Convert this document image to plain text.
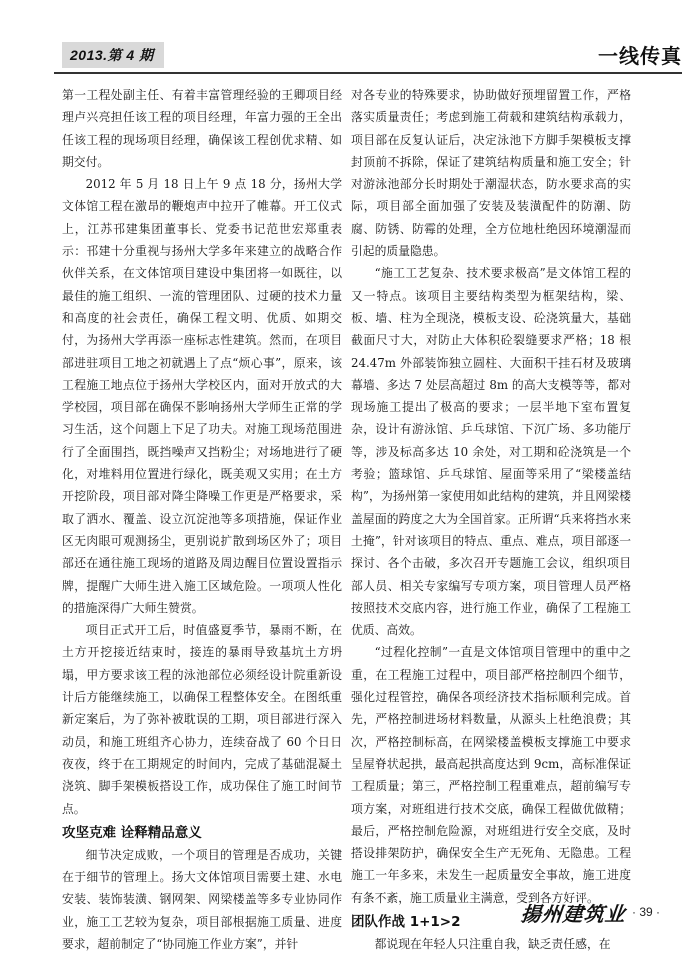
2013.第 4 期	一线传真

第一工程处副主任、有着丰富管理经验的王卿项目经理卢兴亮担任该工程的项目经理，年富力强的王全出任该工程的现场项目经理，确保该工程创优求精、如期交付。

2012 年 5 月 18 日上午 9 点 18 分，扬州大学文体馆工程在激昂的鞭炮声中拉开了帷幕。开工仪式上，江苏邗建集团董事长、党委书记范世宏郑重表示：邗建十分重视与扬州大学多年来建立的战略合作伙伴关系，在文体馆项目建设中集团将一如既往，以最佳的施工组织、一流的管理团队、过硬的技术力量和高度的社会责任，确保工程文明、优质、如期交付，为扬州大学再添一座标志性建筑。然而，在项目部进驻项目工地之初就遇上了点“烦心事”，原来，该工程施工地点位于扬州大学校区内，面对开放式的大学校园，项目部在确保不影响扬州大学师生正常的学习生活，这个问题上下足了功夫。对施工现场范围进行了全面围挡，既挡噪声又挡粉尘；对场地进行了硬化，对堆料用位置进行绿化，既美观又实用；在土方开挖阶段，项目部对降尘降噪工作更是严格要求，采取了洒水、覆盖、设立沉淀池等多项措施，保证作业区无肉眼可观测扬尘，更别说扩散到场区外了；项目部还在通往施工现场的道路及周边醒目位置设置指示牌，提醒广大师生进入施工区域危险。一项项人性化的措施深得广大师生赞赏。

项目正式开工后，时值盛夏季节，暴雨不断，在土方开挖接近结束时，接连的暴雨导致基坑土方坍塌，甲方要求该工程的泳池部位必须经设计院重新设计后方能继续施工，以确保工程整体安全。在图纸重新定案后，为了弥补被耽误的工期，项目部进行深入动员，和施工班组齐心协力，连续奋战了 60 个日日夜夜，终于在工期规定的时间内，完成了基础混凝土浇筑、脚手架模板搭设工作，成功保住了施工时间节点。

攻坚克难 诠释精品意义

细节决定成败，一个项目的管理是否成功，关键在于细节的管理上。扬大文体馆项目需要土建、水电安装、装饰装潢、钢网架、网梁楼盖等多专业协同作业，施工工艺较为复杂，项目部根据施工质量、进度要求，超前制定了“协同施工作业方案”，并针

对各专业的特殊要求，协助做好预埋留置工作，严格落实质量责任；考虑到施工荷载和建筑结构承载力，项目部在反复认证后，决定泳池下方脚手架模板支撑封顶前不拆除，保证了建筑结构质量和施工安全；针对游泳池部分长时期处于潮湿状态，防水要求高的实际，项目部全面加强了安装及装潢配件的防潮、防腐、防锈、防霉的处理，全方位地杜绝因环境潮湿而引起的质量隐患。

“施工工艺复杂、技术要求极高”是文体馆工程的又一特点。该项目主要结构类型为框架结构，梁、板、墙、柱为全现浇，模板支设、砼浇筑量大，基础截面尺寸大，对防止大体积砼裂缝要求严格；18 根 24.47m 外部装饰独立圆柱、大面积干挂石材及玻璃幕墙、多达 7 处层高超过 8m 的高大支模等等，都对现场施工提出了极高的要求；一层半地下室布置复杂，设计有游泳馆、乒乓球馆、下沉广场、多功能厅等，涉及标高多达 10 余处，对工期和砼浇筑是一个考验；篮球馆、乒乓球馆、屋面等采用了“梁楼盖结构”，为扬州第一家使用如此结构的建筑，并且网梁楼盖屋面的跨度之大为全国首家。正所谓“兵来将挡水来土掩”，针对该项目的特点、重点、难点，项目部逐一探讨、各个击破，多次召开专题施工会议，组织项目部人员、相关专家编写专项方案，项目管理人员严格按照技术交底内容，进行施工作业，确保了工程施工优质、高效。

“过程化控制”一直是文体馆项目管理中的重中之重，在工程施工过程中，项目部严格控制四个细节，强化过程管控，确保各项经济技术指标顺利完成。首先，严格控制进场材料数量，从源头上杜绝浪费；其次，严格控制标高，在网梁楼盖模板支撑施工中要求呈屋脊状起拱，最高起拱高度达到 9cm，高标准保证工程质量；第三，严格控制工程重难点，超前编写专项方案，对班组进行技术交底，确保工程做优做精；最后，严格控制危险源，对班组进行安全交底，及时搭设排架防护，确保安全生产无死角、无隐患。工程施工一年多来，未发生一起质量安全事故，施工进度有条不紊，施工质量业主满意，受到各方好评。

团队作战 1+1>2

都说现在年轻人只注重自我，缺乏责任感，在

揚州建筑业 · 39 ·
